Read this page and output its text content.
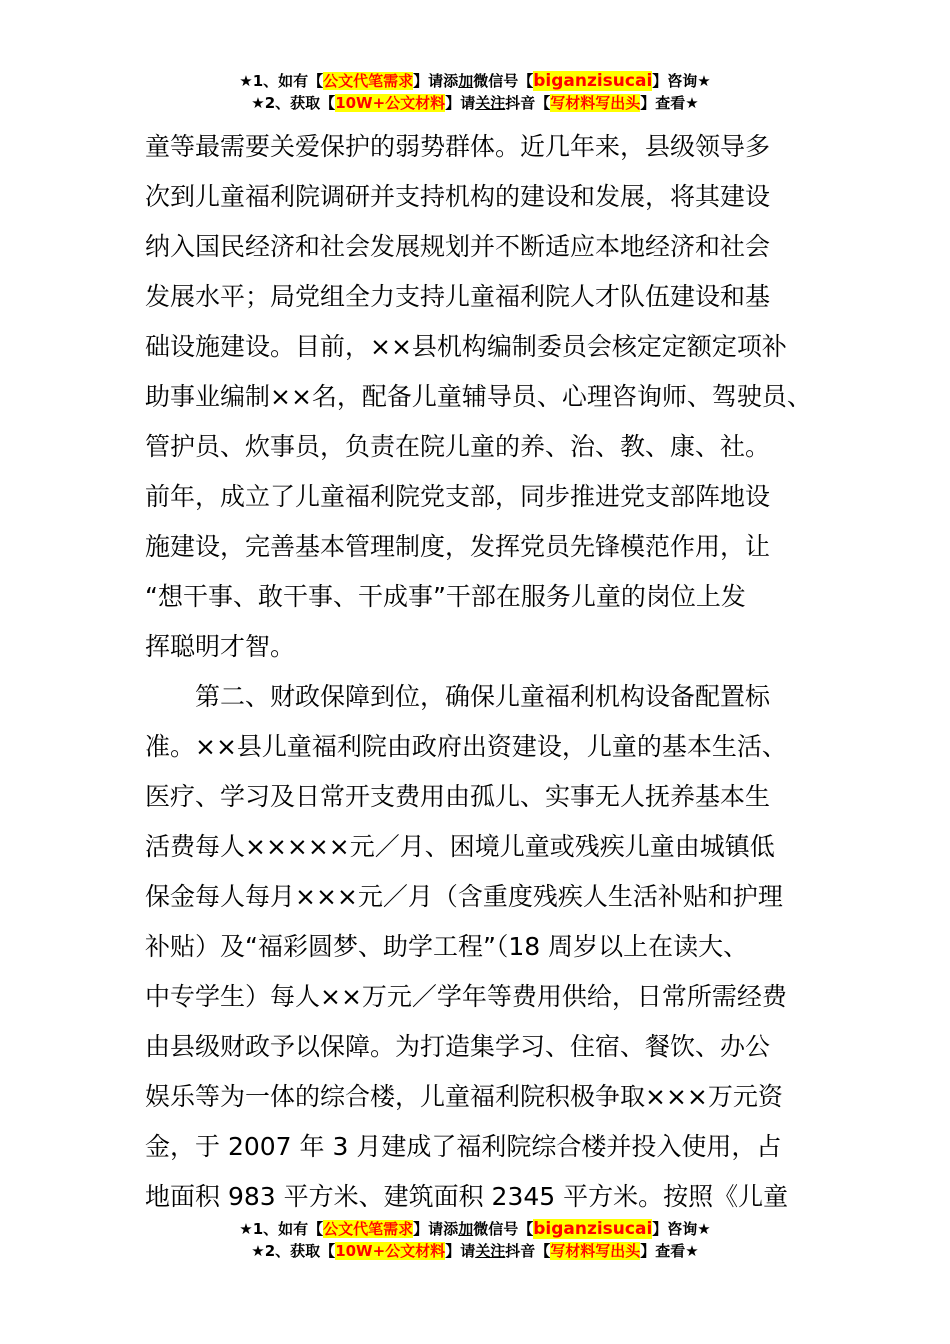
★1、如有【公文代笔需求】请添加微信号【biganzisucai】咨询★
★2、获取【10W+公文材料】请关注抖音【写材料写出头】查看★
童等最需要关爱保护的弱势群体。近几年来，县级领导多
次到儿童福利院调研并支持机构的建设和发展，将其建设
纳入国民经济和社会发展规划并不断适应本地经济和社会
发展水平；局党组全力支持儿童福利院人才队伍建设和基
础设施建设。目前，××县机构编制委员会核定定额定项补
助事业编制××名，配备儿童辅导员、心理咨询师、驾驶员、
管护员、炊事员，负责在院儿童的养、治、教、康、社。
前年，成立了儿童福利院党支部，同步推进党支部阵地设
施建设，完善基本管理制度，发挥党员先锋模范作用，让
“想干事、敢干事、干成事”干部在服务儿童的岗位上发
挥聪明才智。
第二、财政保障到位，确保儿童福利机构设备配置标
准。××县儿童福利院由政府出资建设，儿童的基本生活、
医疗、学习及日常开支费用由孤儿、实事无人抚养基本生
活费每人×××××元／月、困境儿童或残疾儿童由城镇低
保金每人每月×××元／月（含重度残疾人生活补贴和护理
补贴）及“福彩圆梦、助学工程”（18 周岁以上在读大、
中专学生）每人××万元／学年等费用供给，日常所需经费
由县级财政予以保障。为打造集学习、住宿、餐饮、办公
娱乐等为一体的综合楼，儿童福利院积极争取×××万元资
金，于 2007 年 3 月建成了福利院综合楼并投入使用，占
地面积 983 平方米、建筑面积 2345 平方米。按照《儿童
★1、如有【公文代笔需求】请添加微信号【biganzisucai】咨询★
★2、获取【10W+公文材料】请关注抖音【写材料写出头】查看★
